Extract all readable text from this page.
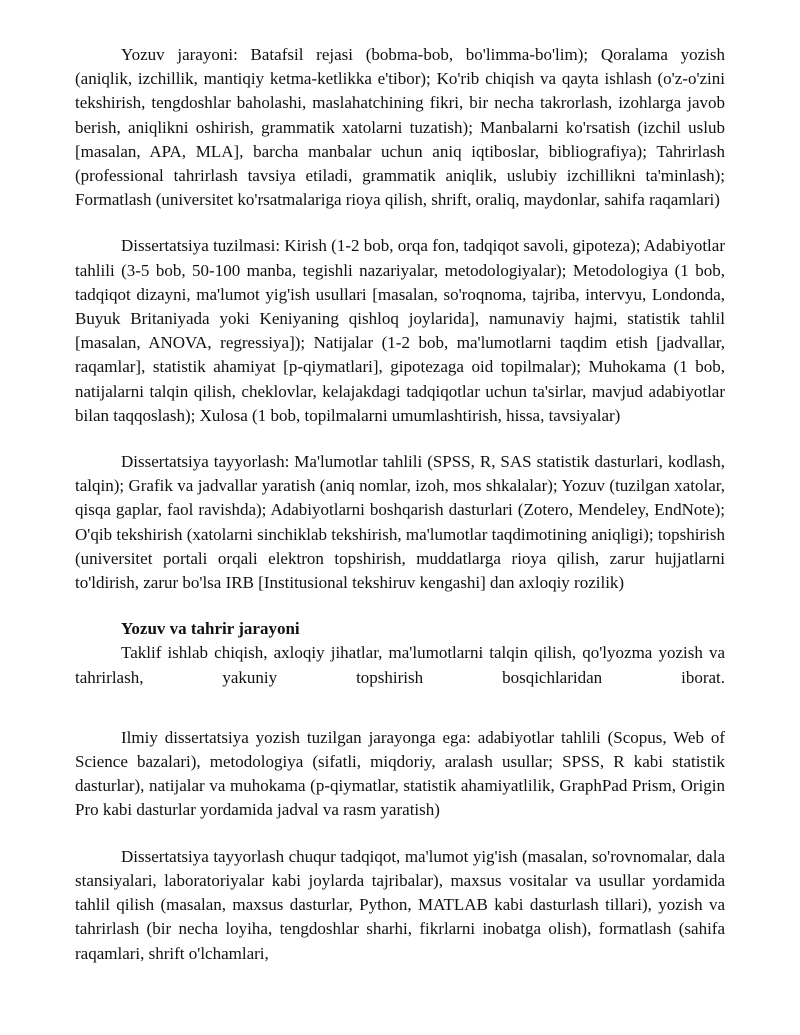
Yozuv jarayoni: Batafsil rejasi (bobma-bob, bo'limma-bo'lim); Qoralama yozish (aniqlik, izchillik, mantiqiy ketma-ketlikka e'tibor); Ko'rib chiqish va qayta ishlash (o'z-o'zini tekshirish, tengdoshlar baholashi, maslahatchining fikri, bir necha takrorlash, izohlarga javob berish, aniqlikni oshirish, grammatik xatolarni tuzatish); Manbalarni ko'rsatish (izchil uslub [masalan, APA, MLA], barcha manbalar uchun aniq iqtiboslar, bibliografiya); Tahrirlash (professional tahrirlash tavsiya etiladi, grammatik aniqlik, uslubiy izchillikni ta'minlash); Formatlash (universitet ko'rsatmalariga rioya qilish, shrift, oraliq, maydonlar, sahifa raqamlari)

Dissertatsiya tuzilmasi: Kirish (1-2 bob, orqa fon, tadqiqot savoli, gipoteza); Adabiyotlar tahlili (3-5 bob, 50-100 manba, tegishli nazariyalar, metodologiyalar); Metodologiya (1 bob, tadqiqot dizayni, ma'lumot yig'ish usullari [masalan, so'roqnoma, tajriba, intervyu, Londonda, Buyuk Britaniyada yoki Keniyaning qishloq joylarida], namunaviy hajmi, statistik tahlil [masalan, ANOVA, regressiya]); Natijalar (1-2 bob, ma'lumotlarni taqdim etish [jadvallar, raqamlar], statistik ahamiyat [p-qiymatlari], gipotezaga oid topilmalar); Muhokama (1 bob, natijalarni talqin qilish, cheklovlar, kelajakdagi tadqiqotlar uchun ta'sirlar, mavjud adabiyotlar bilan taqqoslash); Xulosa (1 bob, topilmalarni umumlashtirish, hissa, tavsiyalar)

Dissertatsiya tayyorlash: Ma'lumotlar tahlili (SPSS, R, SAS statistik dasturlari, kodlash, talqin); Grafik va jadvallar yaratish (aniq nomlar, izoh, mos shkalalar); Yozuv (tuzilgan xatolar, qisqa gaplar, faol ravishda); Adabiyotlarni boshqarish dasturlari (Zotero, Mendeley, EndNote); O'qib tekshirish (xatolarni sinchiklab tekshirish, ma'lumotlar taqdimotining aniqligi); topshirish (universitet portali orqali elektron topshirish, muddatlarga rioya qilish, zarur hujjatlarni to'ldirish, zarur bo'lsa IRB [Institusional tekshiruv kengashi] dan axloqiy rozilik)

Yozuv va tahrir jarayoni

Taklif ishlab chiqish, axloqiy jihatlar, ma'lumotlarni talqin qilish, qo'lyozma yozish va tahrirlash, yakuniy topshirish bosqichlaridan iborat.

Ilmiy dissertatsiya yozish tuzilgan jarayonga ega: adabiyotlar tahlili (Scopus, Web of Science bazalari), metodologiya (sifatli, miqdoriy, aralash usullar; SPSS, R kabi statistik dasturlar), natijalar va muhokama (p-qiymatlar, statistik ahamiyatlilik, GraphPad Prism, Origin Pro kabi dasturlar yordamida jadval va rasm yaratish)

Dissertatsiya tayyorlash chuqur tadqiqot, ma'lumot yig'ish (masalan, so'rovnomalar, dala stansiyalari, laboratoriyalar kabi joylarda tajribalar), maxsus vositalar va usullar yordamida tahlil qilish (masalan, maxsus dasturlar, Python, MATLAB kabi dasturlash tillari), yozish va tahrirlash (bir necha loyiha, tengdoshlar sharhi, fikrlarni inobatga olish), formatlash (sahifa raqamlari, shrift o'lchamlari,
